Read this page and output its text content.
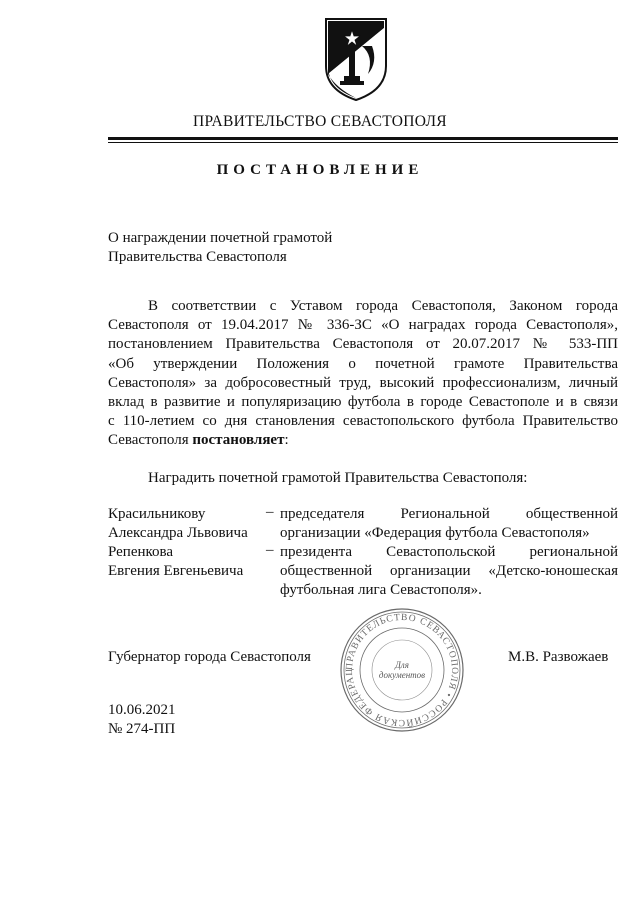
ПРАВИТЕЛЬСТВО СЕВАСТОПОЛЯ
ПОСТАНОВЛЕНИЕ
О награждении почетной грамотой
Правительства Севастополя
В соответствии с Уставом города Севастополя, Законом города
Севастополя от 19.04.2017 № 336-ЗС «О наградах города Севастополя»,
постановлением Правительства Севастополя от 20.07.2017 № 533-ПП
«Об утверждении Положения о почетной грамоте Правительства
Севастополя» за добросовестный труд, высокий профессионализм, личный
вклад в развитие и популяризацию футбола в городе Севастополе и в связи
с 110-летием со дня становления севастопольского футбола Правительство
Севастополя постановляет:
Наградить почетной грамотой Правительства Севастополя:
Красильникову
Александра Львовича
– председателя Региональной общественной
организации «Федерация футбола Севастополя»
Репенкова
Евгения Евгеньевича
– президента Севастопольской региональной
общественной организации «Детско-юношеская
футбольная лига Севастополя».
ПРАВИТЕЛЬСТВО СЕВАСТОПОЛЯ • РОССИЙСКАЯ ФЕДЕРАЦ
Для
документов
Губернатор города Севастополя	М.В. Развожаев
10.06.2021
№ 274-ПП
